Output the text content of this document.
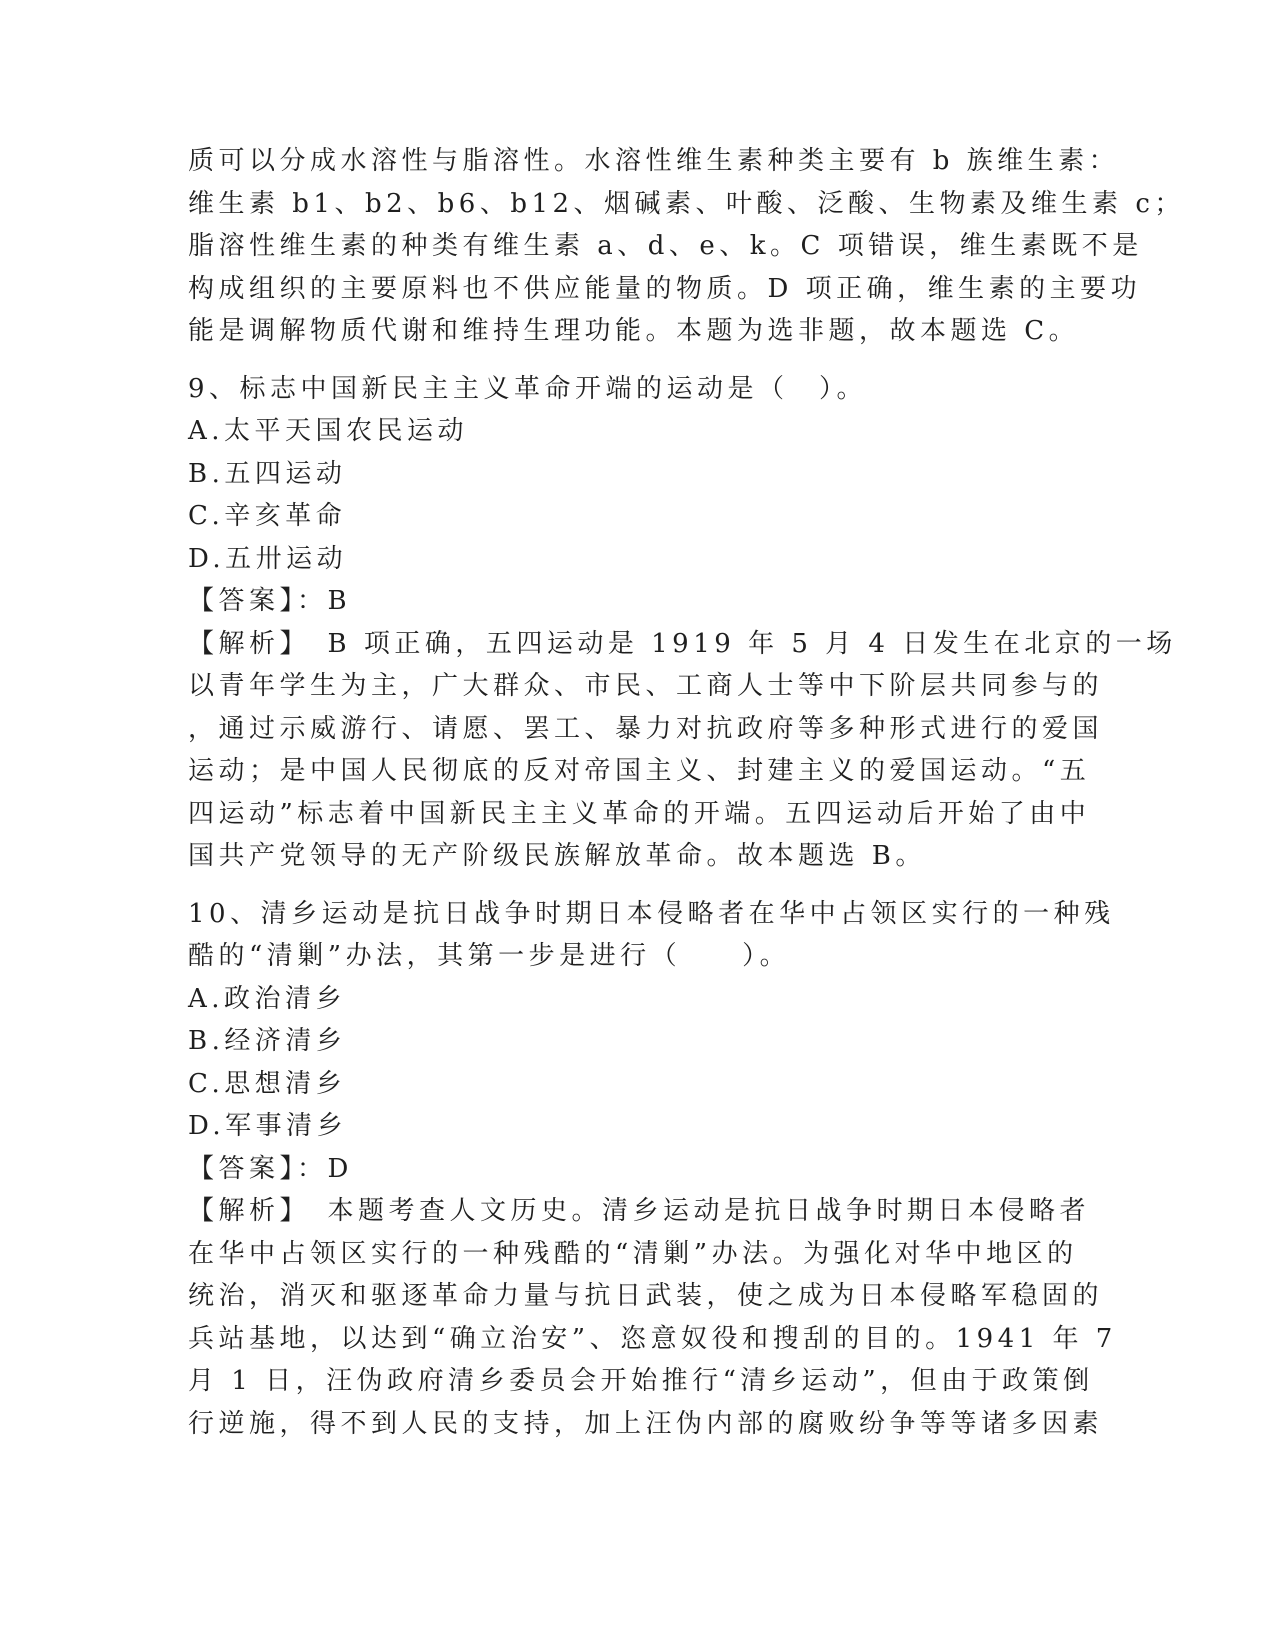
质可以分成水溶性与脂溶性。水溶性维生素种类主要有 b 族维生素：
维生素 b1、b2、b6、b12、烟碱素、叶酸、泛酸、生物素及维生素 c；
脂溶性维生素的种类有维生素 a、d、e、k。C 项错误，维生素既不是
构成组织的主要原料也不供应能量的物质。D 项正确，维生素的主要功
能是调解物质代谢和维持生理功能。本题为选非题，故本题选 C。
9、标志中国新民主主义革命开端的运动是（　）。
A.太平天国农民运动
B.五四运动
C.辛亥革命
D.五卅运动
【答案】：B
【解析】　B 项正确，五四运动是 1919 年 5 月 4 日发生在北京的一场
以青年学生为主，广大群众、市民、工商人士等中下阶层共同参与的
，通过示威游行、请愿、罢工、暴力对抗政府等多种形式进行的爱国
运动；是中国人民彻底的反对帝国主义、封建主义的爱国运动。“五
四运动”标志着中国新民主主义革命的开端。五四运动后开始了由中
国共产党领导的无产阶级民族解放革命。故本题选 B。
10、清乡运动是抗日战争时期日本侵略者在华中占领区实行的一种残
酷的“清剿”办法，其第一步是进行（　　）。
A.政治清乡
B.经济清乡
C.思想清乡
D.军事清乡
【答案】：D
【解析】　本题考查人文历史。清乡运动是抗日战争时期日本侵略者
在华中占领区实行的一种残酷的“清剿”办法。为强化对华中地区的
统治，消灭和驱逐革命力量与抗日武装，使之成为日本侵略军稳固的
兵站基地，以达到“确立治安”、恣意奴役和搜刮的目的。1941 年 7
月 1 日，汪伪政府清乡委员会开始推行“清乡运动”，但由于政策倒
行逆施，得不到人民的支持，加上汪伪内部的腐败纷争等等诸多因素
